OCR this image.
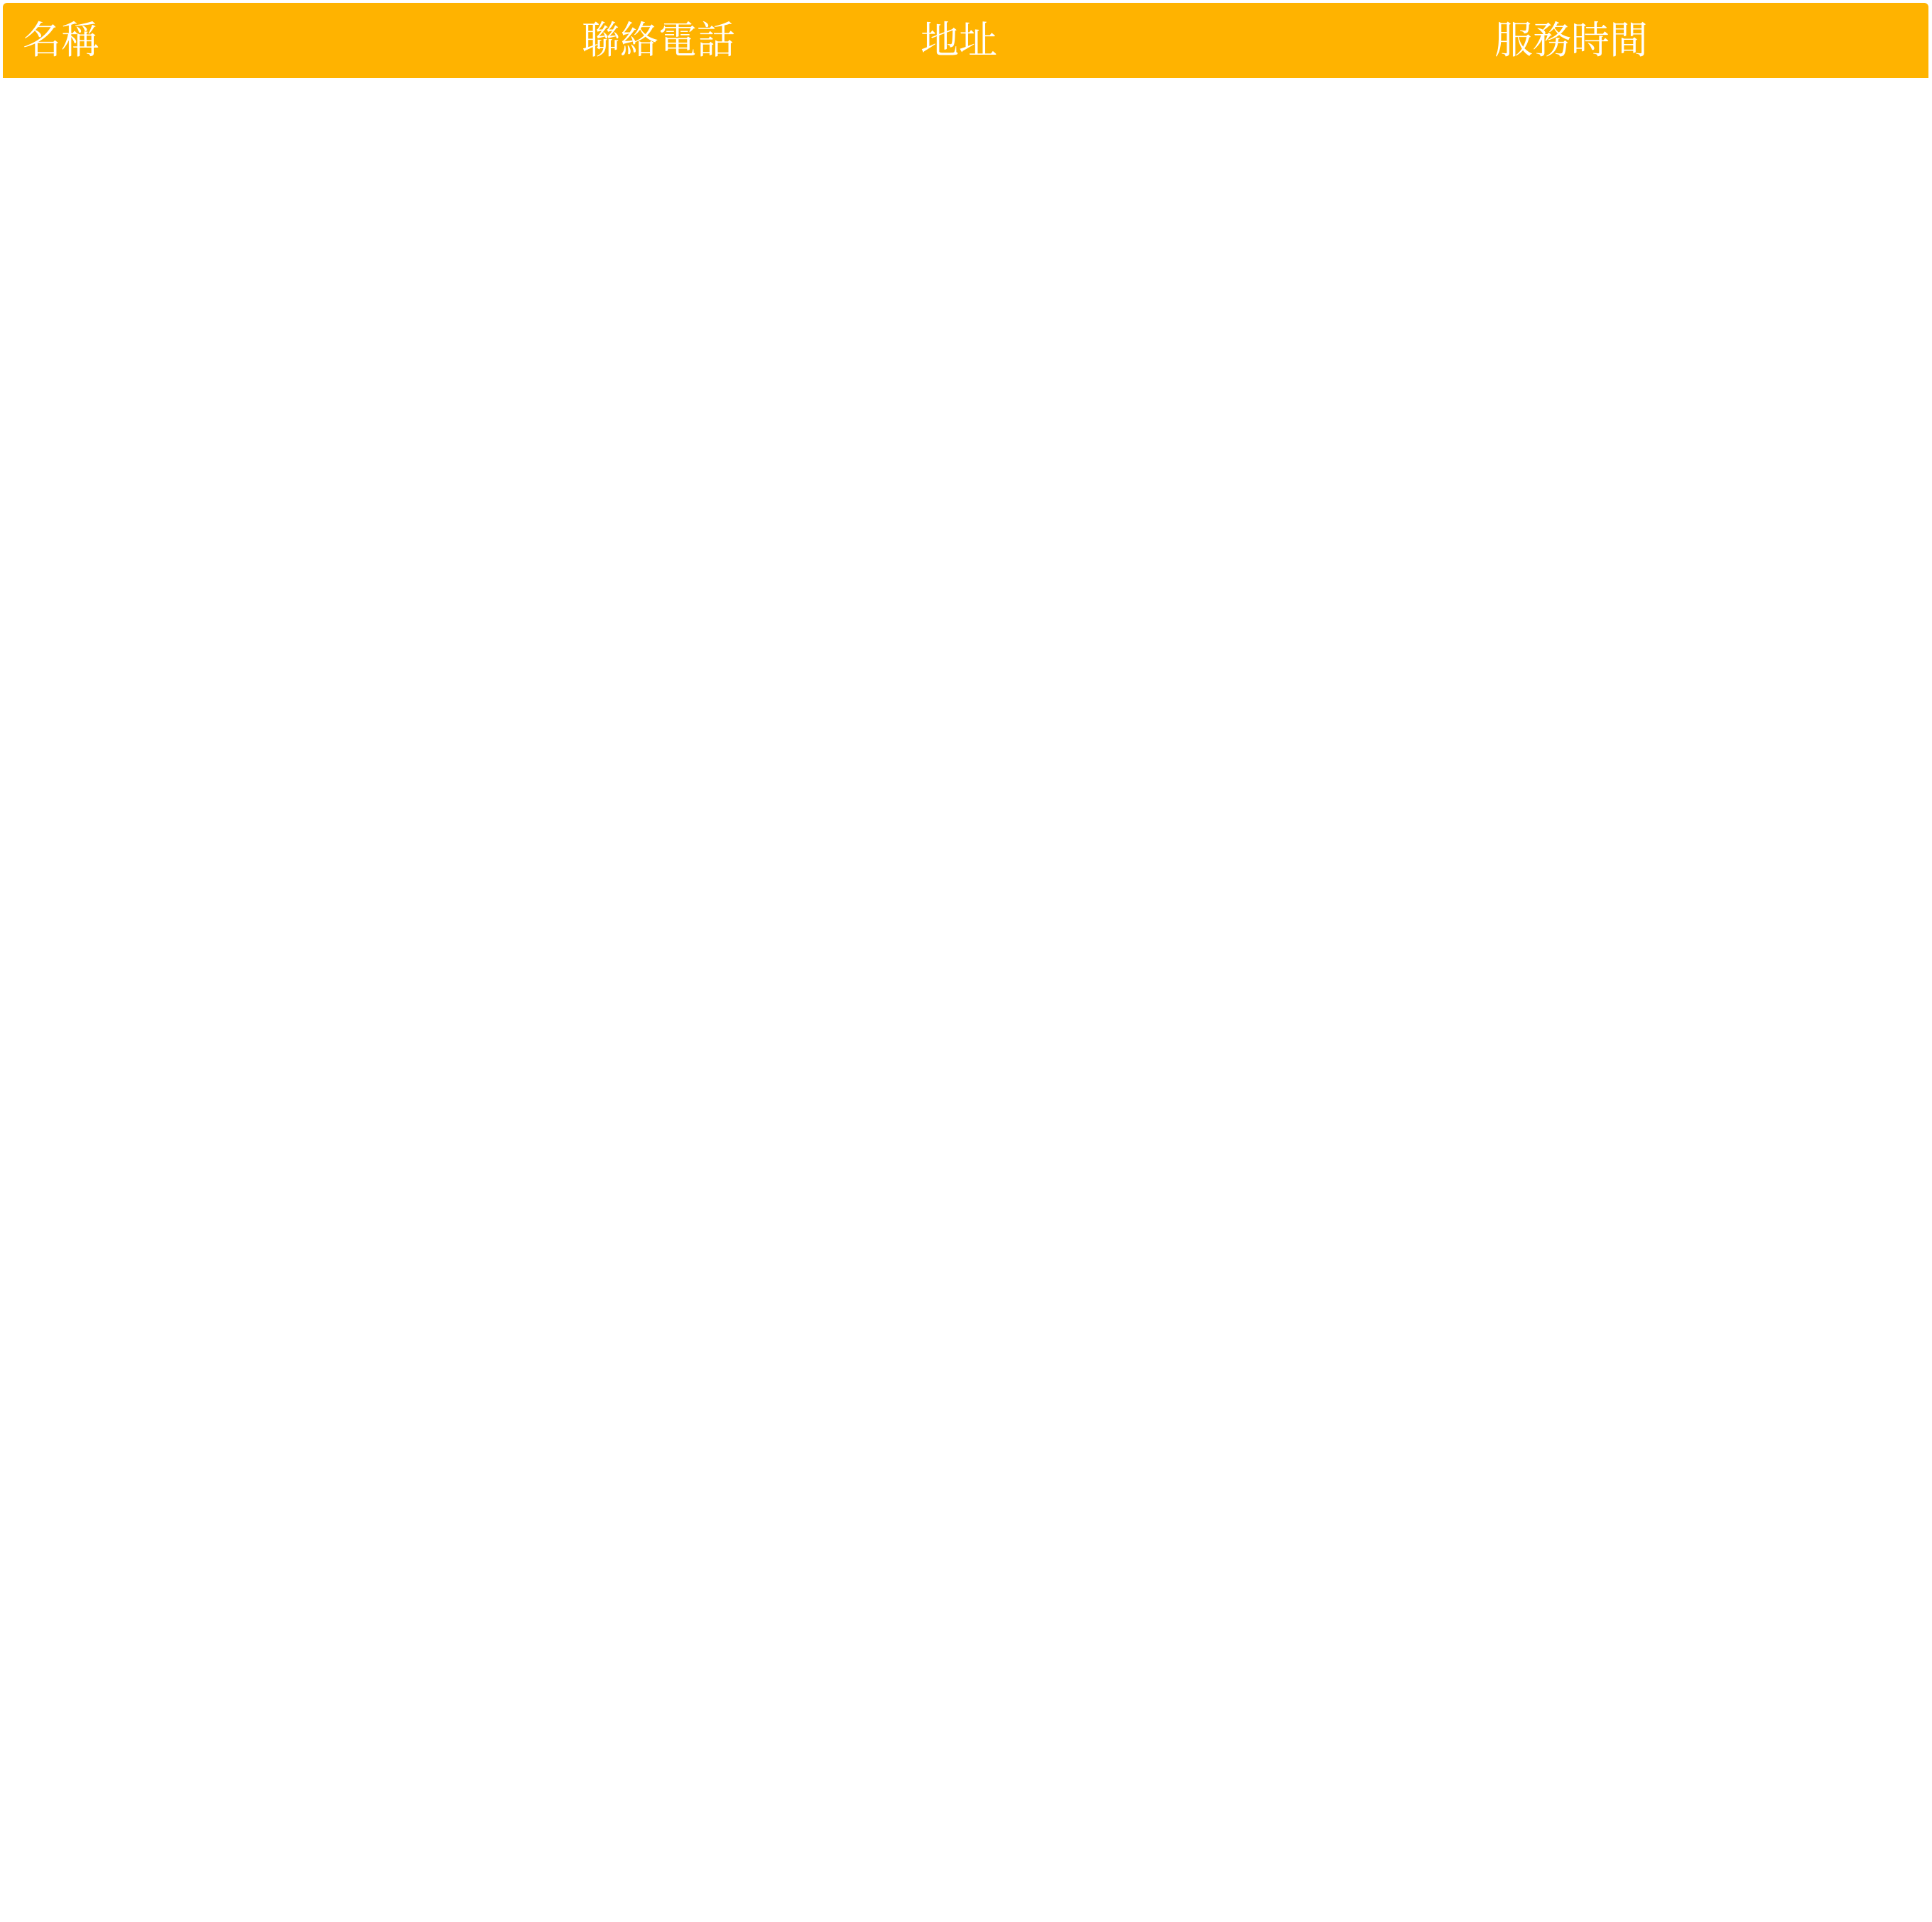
名稱	聯絡電話	地址	服務時間
